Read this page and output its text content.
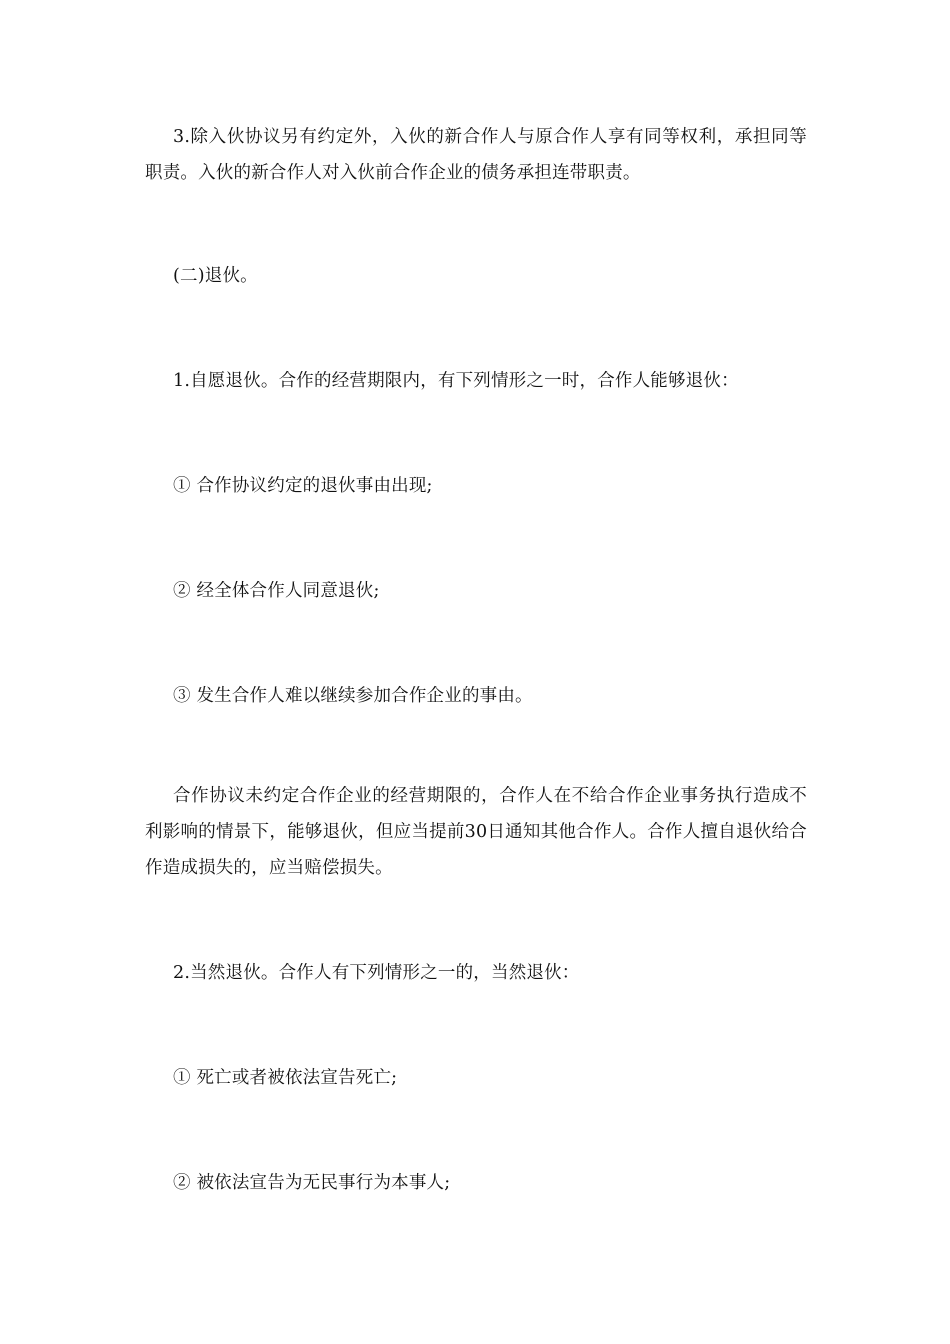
3.除入伙协议另有约定外，入伙的新合作人与原合作人享有同等权利，承担同等职责。入伙的新合作人对入伙前合作企业的债务承担连带职责。

(二)退伙。

1.自愿退伙。合作的经营期限内，有下列情形之一时，合作人能够退伙：

① 合作协议约定的退伙事由出现;

② 经全体合作人同意退伙;

③ 发生合作人难以继续参加合作企业的事由。

合作协议未约定合作企业的经营期限的，合作人在不给合作企业事务执行造成不利影响的情景下，能够退伙，但应当提前30日通知其他合作人。合作人擅自退伙给合作造成损失的，应当赔偿损失。

2.当然退伙。合作人有下列情形之一的，当然退伙：

① 死亡或者被依法宣告死亡;

② 被依法宣告为无民事行为本事人;
